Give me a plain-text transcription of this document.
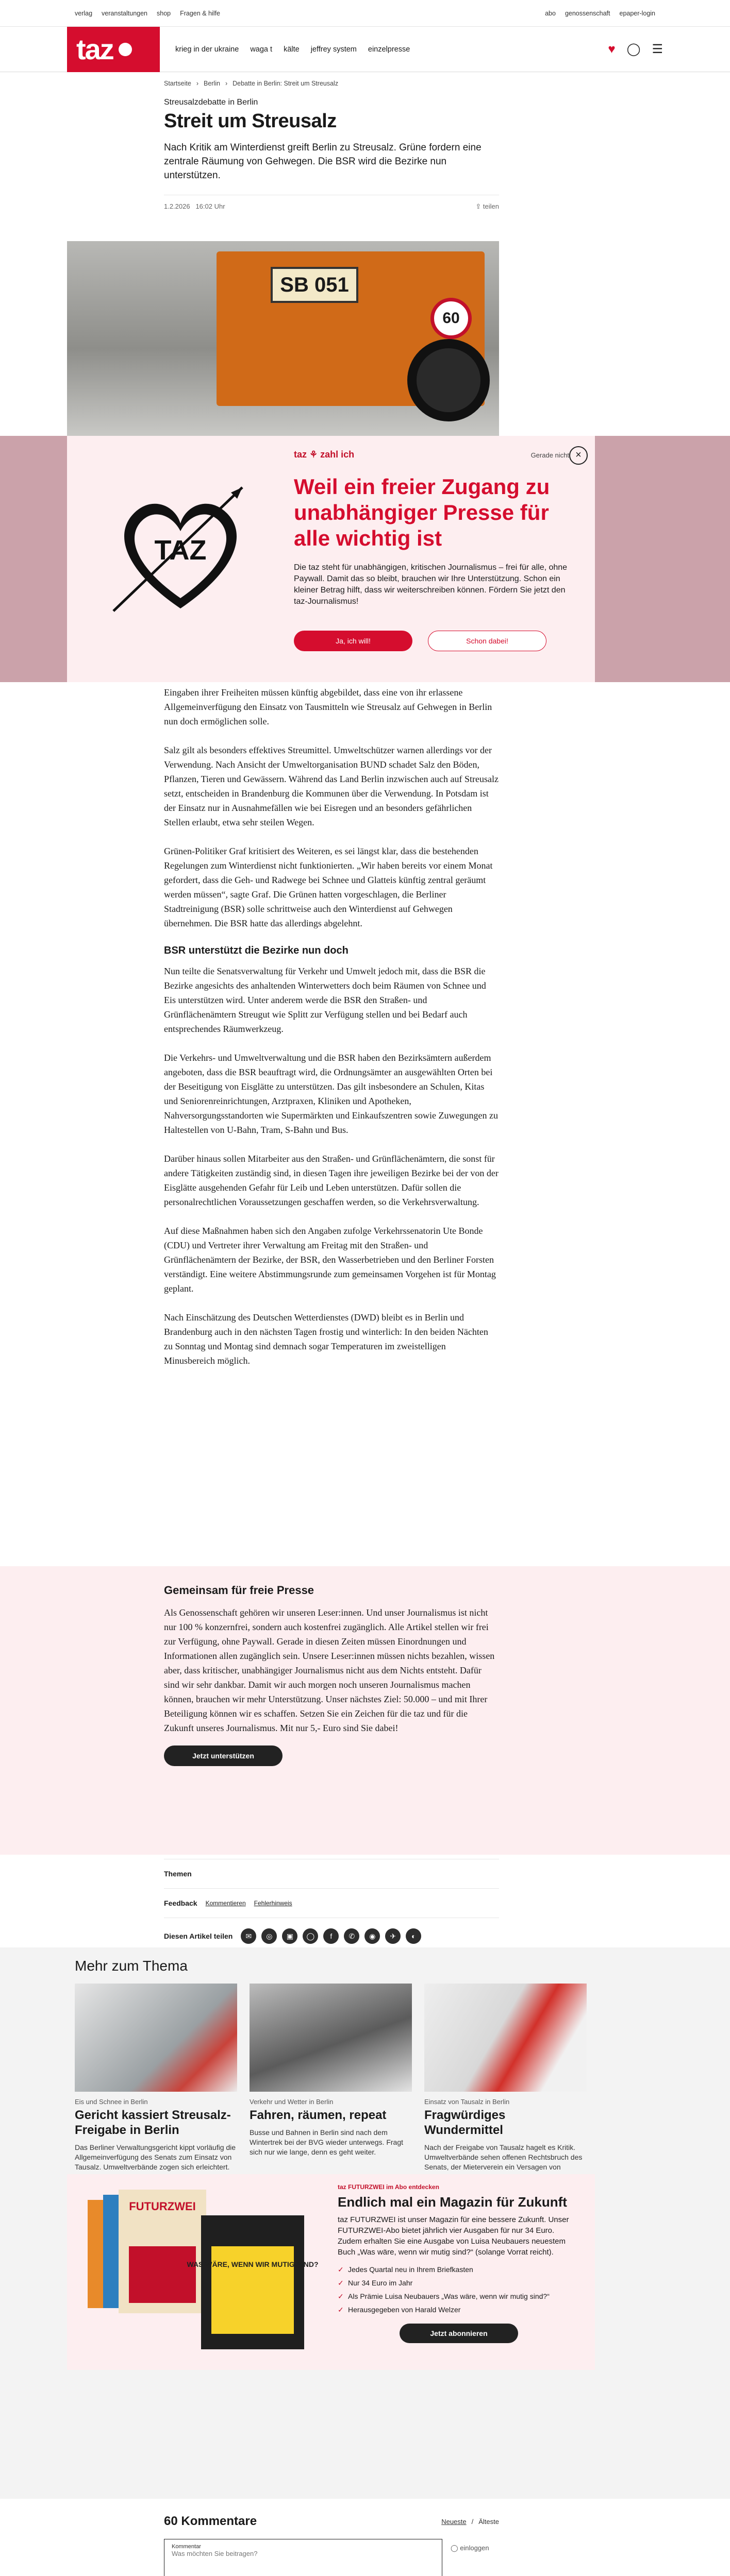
verlag veranstaltungen shop Fragen & hilfe	abo genossenschaft epaper-login
taz	krieg in der ukraine waga t kälte jeffrey system einzelpresse	♥ ◯ ☰
Startseite › Berlin › Debatte in Berlin: Streit um Streusalz
Streusalzdebatte in Berlin
Streit um Streusalz
Nach Kritik am Winterdienst greift Berlin zu Streusalz. Grüne fordern eine zentrale Räumung von Gehwegen. Die BSR wird die Bezirke nun unterstützen.
1.2.2026 16:02 Uhr	⇪ teilen
SB 051
60
TAZ
taz ⚘ zahl ich	Gerade nicht ×
Weil ein freier Zugang zu unabhängiger Presse für alle wichtig ist

Die taz steht für unabhängigen, kritischen Journalismus – frei für alle, ohne Paywall. Damit das so bleibt, brauchen wir Ihre Unterstützung. Schon ein kleiner Betrag hilft, dass wir weiterschreiben können. Fördern Sie jetzt den taz-Journalismus!

Ja, ich will!	Schon dabei!

Eingaben ihrer Freiheiten müssen künftig abgebildet, dass eine von ihr erlassene Allgemeinverfügung den Einsatz von Tausmitteln wie Streusalz auf Gehwegen in Berlin nun doch ermöglichen solle.

Salz gilt als besonders effektives Streumittel. Umweltschützer warnen allerdings vor der Verwendung. Nach Ansicht der Umweltorganisation BUND schadet Salz den Böden, Pflanzen, Tieren und Gewässern. Während das Land Berlin inzwischen auch auf Streusalz setzt, entscheiden in Brandenburg die Kommunen über die Verwendung. In Potsdam ist der Einsatz nur in Ausnahmefällen wie bei Eisregen und an besonders gefährlichen Stellen erlaubt, etwa sehr steilen Wegen.

Grünen-Politiker Graf kritisiert des Weiteren, es sei längst klar, dass die bestehenden Regelungen zum Winterdienst nicht funktionierten. „Wir haben bereits vor einem Monat gefordert, dass die Geh- und Radwege bei Schnee und Glatteis künftig zentral geräumt werden müssen“, sagte Graf. Die Grünen hatten vorgeschlagen, die Berliner Stadtreinigung (BSR) solle schrittweise auch den Winterdienst auf Gehwegen übernehmen. Die BSR hatte das allerdings abgelehnt.

BSR unterstützt die Bezirke nun doch

Nun teilte die Senatsverwaltung für Verkehr und Umwelt jedoch mit, dass die BSR die Bezirke angesichts des anhaltenden Winterwetters doch beim Räumen von Schnee und Eis unterstützen wird. Unter anderem werde die BSR den Straßen- und Grünflächenämtern Streugut wie Splitt zur Verfügung stellen und bei Bedarf auch entsprechendes Räumwerkzeug.

Die Verkehrs- und Umweltverwaltung und die BSR haben den Bezirksämtern außerdem angeboten, dass die BSR beauftragt wird, die Ordnungsämter an ausgewählten Orten bei der Beseitigung von Eisglätte zu unterstützen. Das gilt insbesondere an Schulen, Kitas und Seniorenreinrichtungen, Arztpraxen, Kliniken und Apotheken, Nahversorgungsstandorten wie Supermärkten und Einkaufszentren sowie Zuwegungen zu Haltestellen von U-Bahn, Tram, S-Bahn und Bus.

Darüber hinaus sollen Mitarbeiter aus den Straßen- und Grünflächenämtern, die sonst für andere Tätigkeiten zuständig sind, in diesen Tagen ihre jeweiligen Bezirke bei der von der Eisglätte ausgehenden Gefahr für Leib und Leben unterstützen. Dafür sollen die personalrechtlichen Voraussetzungen geschaffen werden, so die Verkehrsverwaltung.

Auf diese Maßnahmen haben sich den Angaben zufolge Verkehrssenatorin Ute Bonde (CDU) und Vertreter ihrer Verwaltung am Freitag mit den Straßen- und Grünflächenämtern der Bezirke, der BSR, den Wasserbetrieben und den Berliner Forsten verständigt. Eine weitere Abstimmungsrunde zum gemeinsamen Vorgehen ist für Montag geplant.

Nach Einschätzung des Deutschen Wetterdienstes (DWD) bleibt es in Berlin und Brandenburg auch in den nächsten Tagen frostig und winterlich: In den beiden Nächten zu Sonntag und Montag sind demnach sogar Temperaturen im zweistelligen Minusbereich möglich.

Gemeinsam für freie Presse

Als Genossenschaft gehören wir unseren Leser:innen. Und unser Journalismus ist nicht nur 100 % konzernfrei, sondern auch kostenfrei zugänglich. Alle Artikel stellen wir frei zur Verfügung, ohne Paywall. Gerade in diesen Zeiten müssen Einordnungen und Informationen allen zugänglich sein. Unsere Leser:innen müssen nichts bezahlen, wissen aber, dass kritischer, unabhängiger Journalismus nicht aus dem Nichts entsteht. Dafür sind wir sehr dankbar. Damit wir auch morgen noch unseren Journalismus machen können, brauchen wir mehr Unterstützung. Unser nächstes Ziel: 50.000 – und mit Ihrer Beteiligung können wir es schaffen. Setzen Sie ein Zeichen für die taz und für die Zukunft unseres Journalismus. Mit nur 5,- Euro sind Sie dabei!

Jetzt unterstützen
Themen
Feedback Kommentieren Fehlerhinweis
Diesen Artikel teilen	✉	◎	▣	◯	f	✆	◉	✈	◐
Mehr zum Thema
Eis und Schnee in Berlin
Gericht kassiert Streusalz-Freigabe in Berlin
Das Berliner Verwaltungsgericht kippt vorläufig die Allgemeinverfügung des Senats zum Einsatz von Tausalz. Umweltverbände zogen sich erleichtert.
Verkehr und Wetter in Berlin
Fahren, räumen, repeat
Busse und Bahnen in Berlin sind nach dem Wintertrek bei der BVG wieder unterwegs. Fragt sich nur wie lange, denn es geht weiter.
Einsatz von Tausalz in Berlin
Fragwürdiges Wundermittel
Nach der Freigabe von Tausalz hagelt es Kritik. Umweltverbände sehen offenen Rechtsbruch des Senats, der Mieterverein ein Versagen von
FUTURZWEI
WAS WÄRE, WENN WIR MUTIG SIND?
taz FUTURZWEI im Abo entdecken
Endlich mal ein Magazin für Zukunft

taz FUTURZWEI ist unser Magazin für eine bessere Zukunft. Unser FUTURZWEI-Abo bietet jährlich vier Ausgaben für nur 34 Euro. Zudem erhalten Sie eine Ausgabe von Luisa Neubauers neuestem Buch „Was wäre, wenn wir mutig sind?“ (solange Vorrat reicht).

✓ Jedes Quartal neu in Ihrem Briefkasten
✓ Nur 34 Euro im Jahr
✓ Als Prämie Luisa Neubauers „Was wäre, wenn wir mutig sind?“
✓ Herausgegeben von Harald Welzer
Jetzt abonnieren
60 Kommentare	Neueste / Älteste
Kommentar
Was möchten Sie beitragen?
◯ einloggen
